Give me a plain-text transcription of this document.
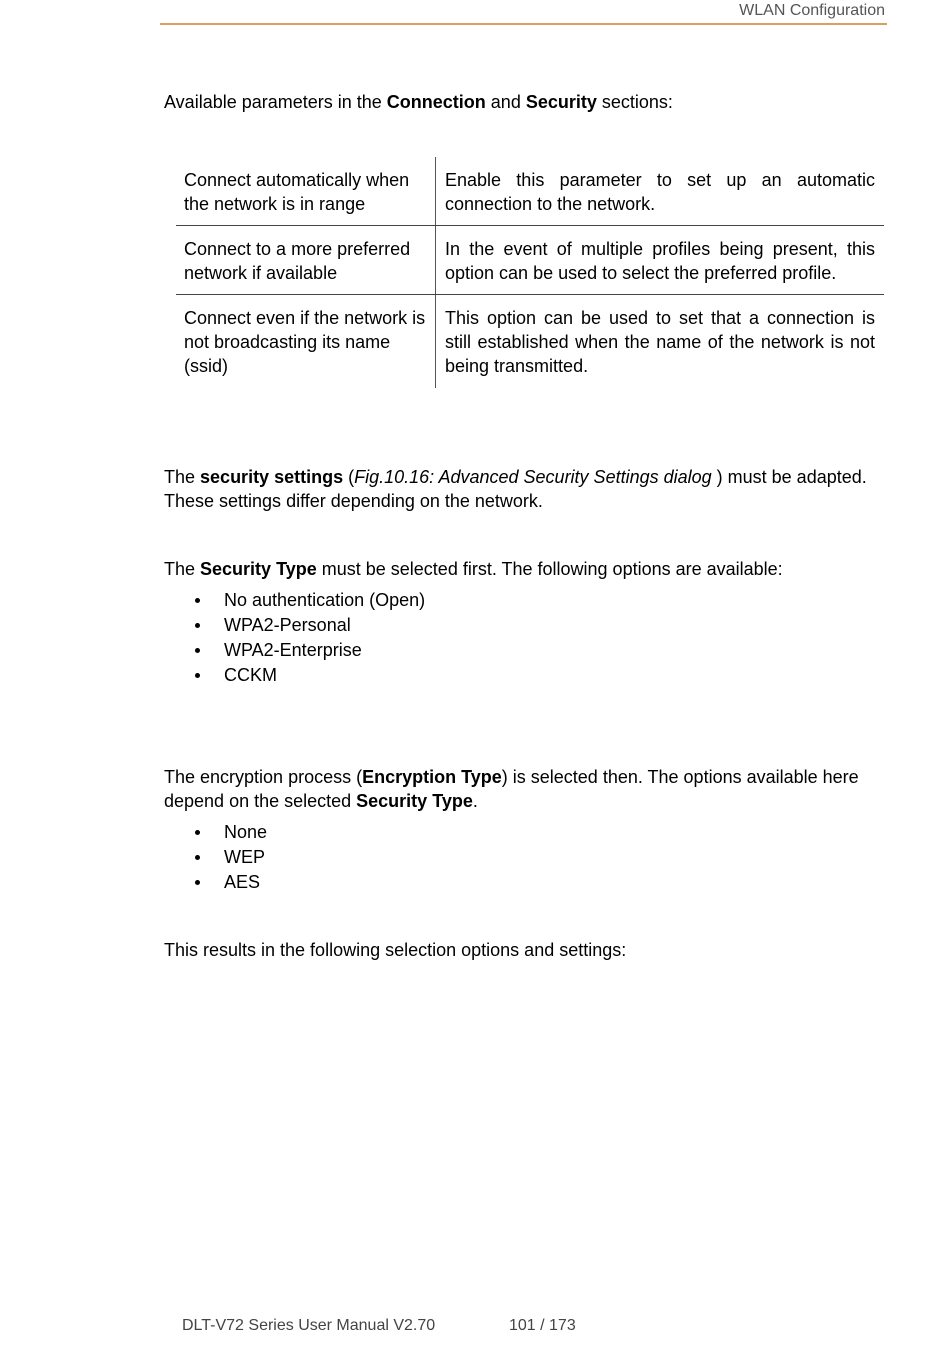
WLAN Configuration

Available parameters in the Connection and Security sections:

Connect automatically when the network is in range	Enable this parameter to set up an automatic connection to the network.
Connect to a more preferred network if available	In the event of multiple profiles being present, this option can be used to select the preferred profile.
Connect even if the network is not broadcasting its name (ssid)	This option can be used to set that a connection is still established when the name of the network is not being transmitted.

The security settings (Fig.10.16: Advanced Security Settings dialog ) must be adapted. These settings differ depending on the network.

The Security Type must be selected first. The following options are available:

No authentication (Open)
WPA2-Personal
WPA2-Enterprise
CCKM

The encryption process (Encryption Type) is selected then. The options available here depend on the selected Security Type.

None
WEP
AES

This results in the following selection options and settings:

DLT-V72 Series User Manual V2.70	101 / 173
